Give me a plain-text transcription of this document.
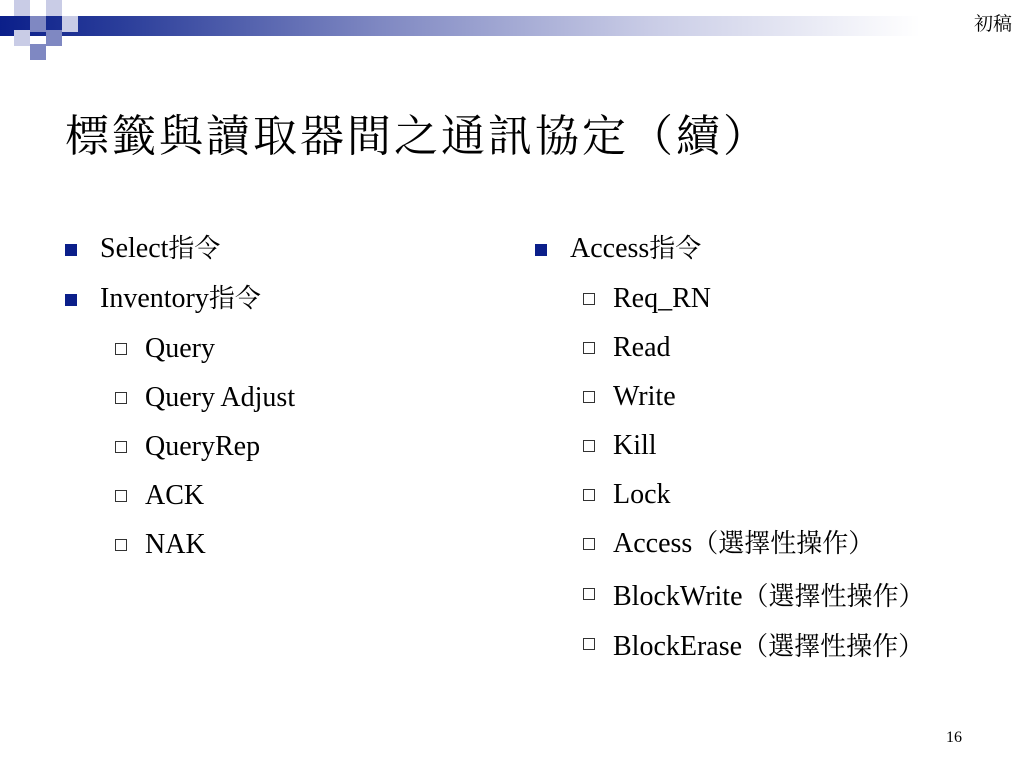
初稿
標籤與讀取器間之通訊協定（續）
Select指令
Inventory指令
Query
Query Adjust
QueryRep
ACK
NAK
Access指令
Req_RN
Read
Write
Kill
Lock
Access（選擇性操作）
BlockWrite（選擇性操作）
BlockErase（選擇性操作）
16
